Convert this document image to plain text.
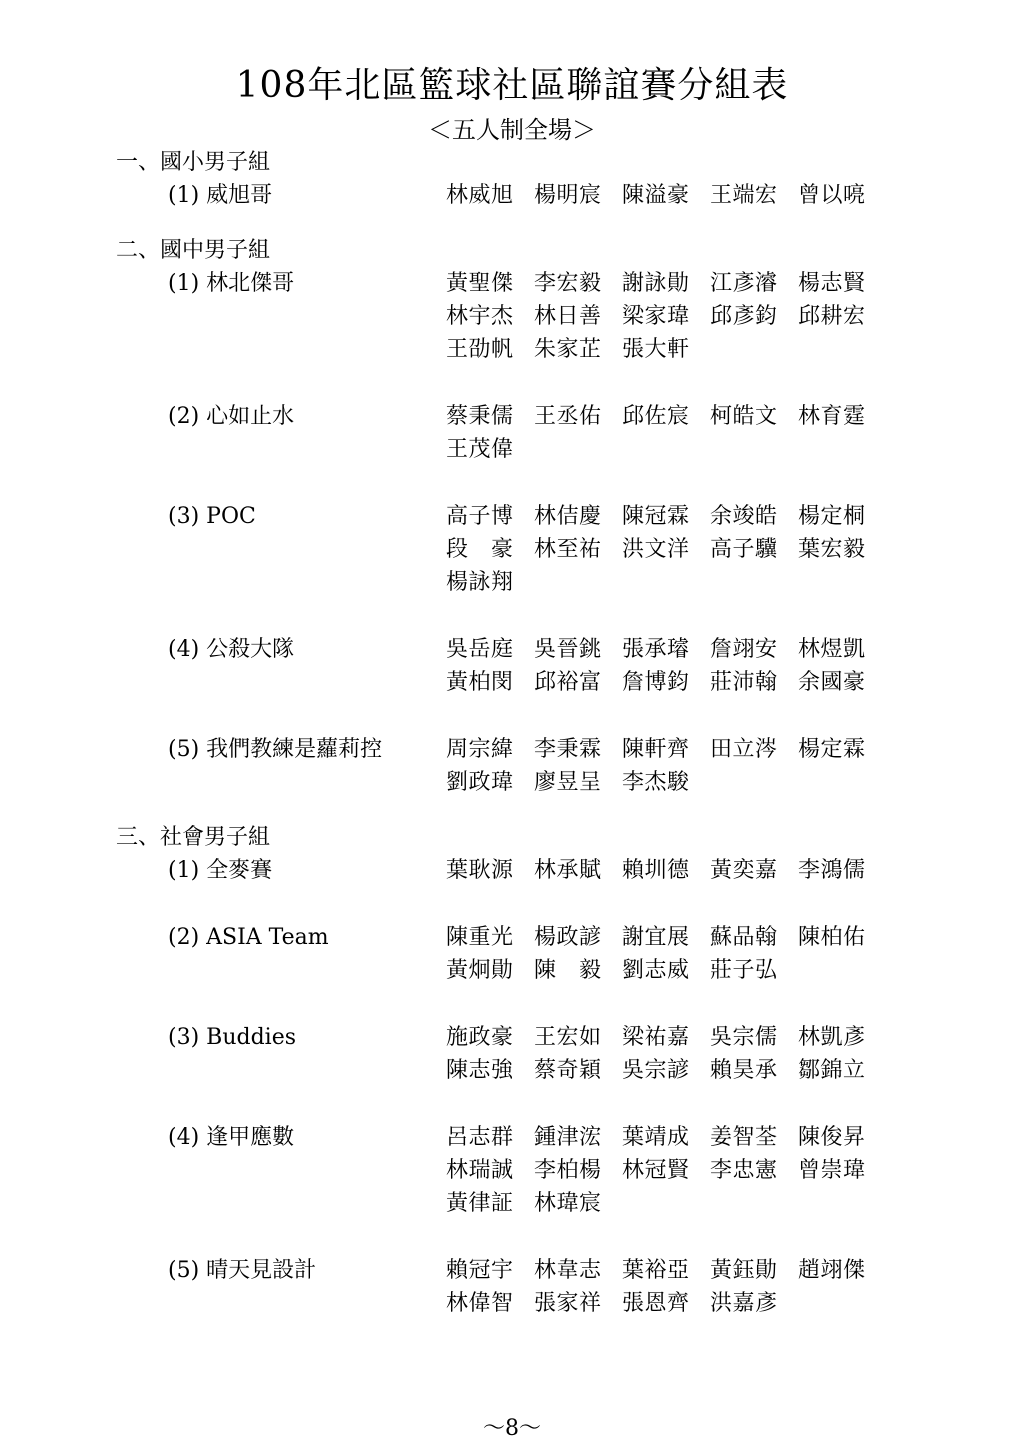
108年北區籃球社區聯誼賽分組表
＜五人制全場＞
一、國小男子組
(1) 威旭哥	林威旭 楊明宸 陳溢豪 王端宏 曾以喨
二、國中男子組
(1) 林北傑哥	黃聖傑 李宏毅 謝詠勛 江彥濬 楊志賢
林宇杰 林日善 梁家瑋 邱彥鈞 邱耕宏
王劭帆 朱家芷 張大軒
(2) 心如止水	蔡秉儒 王丞佑 邱佐宸 柯皓文 林育霆
王茂偉
(3) POC	高子博 林佶慶 陳冠霖 余竣皓 楊定桐
段　豪 林至祐 洪文洋 高子驥 葉宏毅
楊詠翔
(4) 公殺大隊	吳岳庭 吳晉銚 張承璿 詹翊安 林煜凱
黃柏閔 邱裕富 詹博鈞 莊沛翰 余國豪
(5) 我們教練是蘿莉控	周宗緯 李秉霖 陳軒齊 田立涔 楊定霖
劉政瑋 廖昱呈 李杰駿
三、社會男子組
(1) 全麥賽	葉耿源 林承賦 賴圳德 黃奕嘉 李鴻儒
(2) ASIA Team	陳重光 楊政諺 謝宜展 蘇品翰 陳柏佑
黃炯勛 陳　毅 劉志威 莊子弘
(3) Buddies	施政豪 王宏如 梁祐嘉 吳宗儒 林凱彥
陳志強 蔡奇穎 吳宗諺 賴昊承 鄒錦立
(4) 逢甲應數	呂志群 鍾津浤 葉靖成 姜智荃 陳俊昇
林瑞誠 李柏楊 林冠賢 李忠憲 曾崇瑋
黃律証 林瑋宸
(5) 晴天見設計	賴冠宇 林韋志 葉裕亞 黃鈺勛 趙翊傑
林偉智 張家祥 張恩齊 洪嘉彥
～8～
